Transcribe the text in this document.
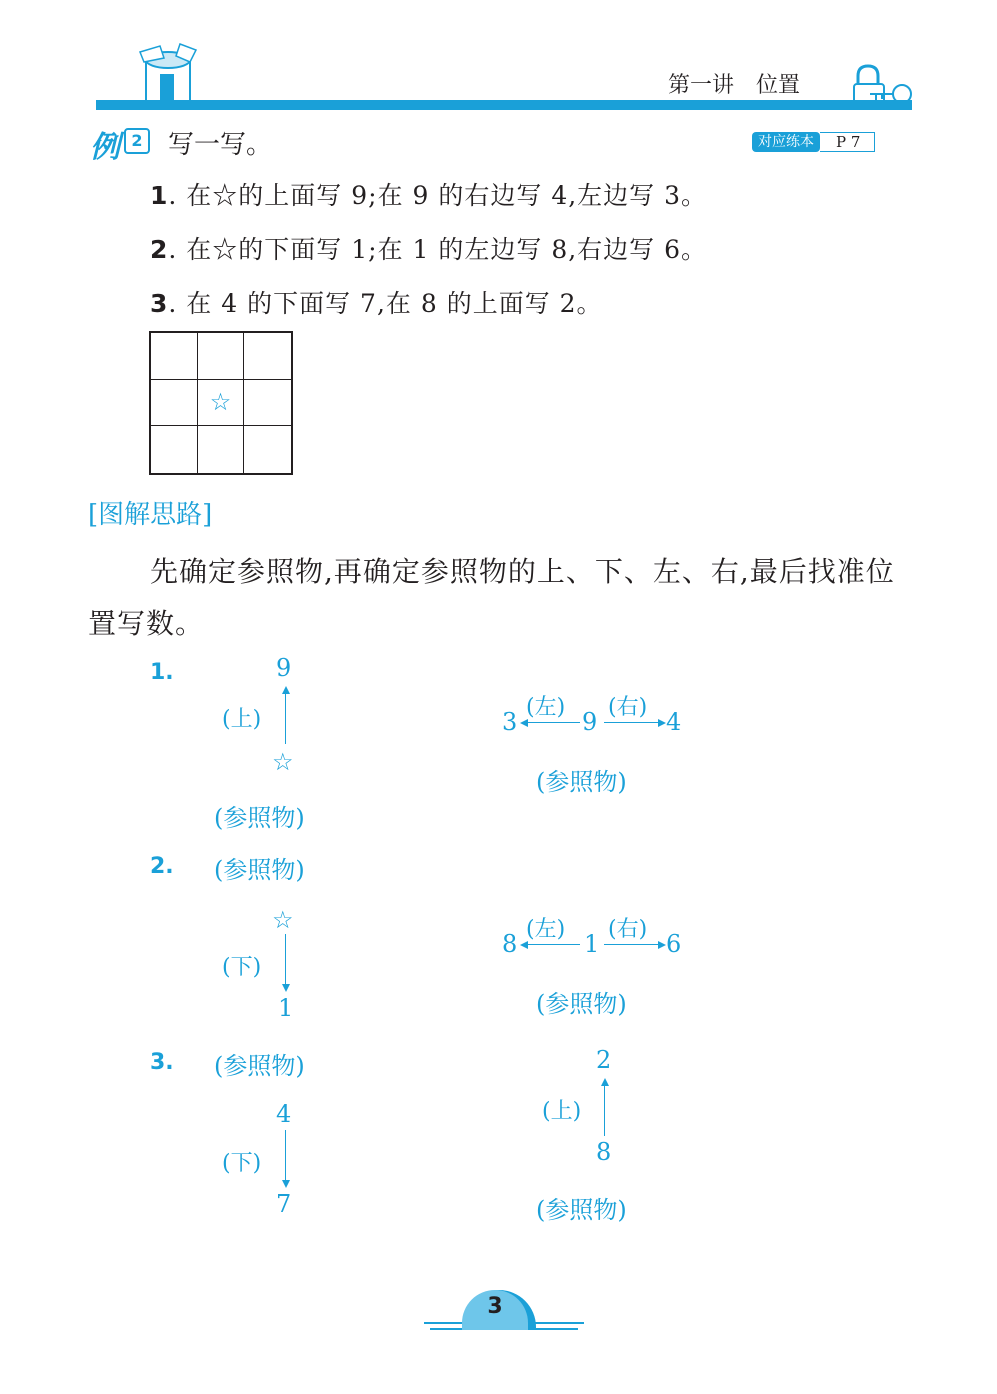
第一讲 位置
例 2 写一写。	对应练本	P 7
1. 在☆的上面写 9;在 9 的右边写 4,左边写 3。
2. 在☆的下面写 1;在 1 的左边写 8,右边写 6。
3. 在 4 的下面写 7,在 8 的上面写 2。
☆
[图解思路]
先确定参照物,再确定参照物的上、下、左、右,最后找准位置写数。
1.	9
(上)
☆
(参照物)
3
(左)
9
(右)
4
(参照物)
2. (参照物)
☆
(下)
1
8
(左)
1
(右)
6
(参照物)
3. (参照物)
4
(下)
7
2
(上)
8
(参照物)
3
